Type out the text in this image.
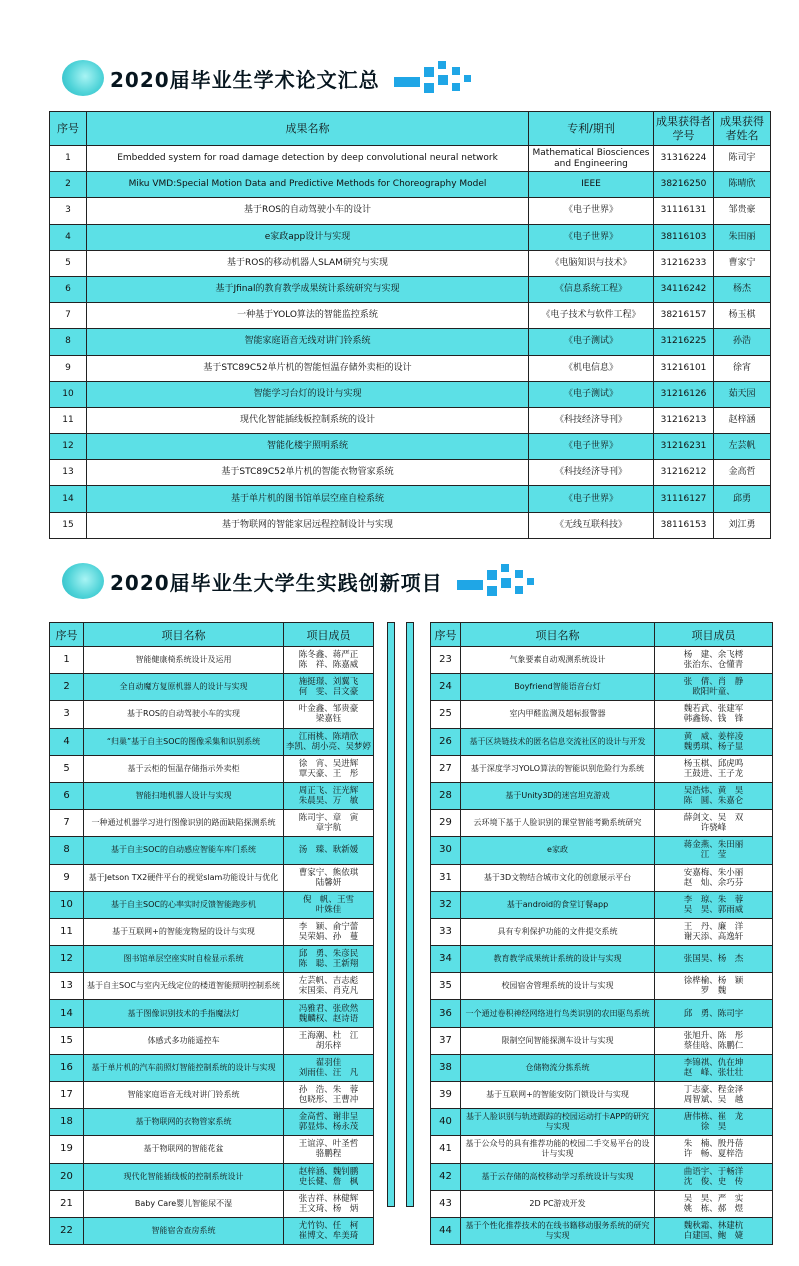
2020届毕业生学术论文汇总
序号	成果名称	专利/期刊	成果获得者学号	成果获得者姓名
1	Embedded system for road damage detection by deep convolutional neural network	Mathematical Biosciences and Engineering	31316224	陈司宇
2	Miku VMD:Special Motion Data and Predictive Methods for Choreography Model	IEEE	38216250	陈晴欣
3	基于ROS的自动驾驶小车的设计	《电子世界》	31116131	邹贵豪
4	e家政app设计与实现	《电子世界》	38116103	朱田丽
5	基于ROS的移动机器人SLAM研究与实现	《电脑知识与技术》	31216233	曹家宁
6	基于Jfinal的教育教学成果统计系统研究与实现	《信息系统工程》	34116242	杨杰
7	一种基于YOLO算法的智能监控系统	《电子技术与软件工程》	38216157	杨玉棋
8	智能家庭语音无线对讲门铃系统	《电子测试》	31216225	孙浩
9	基于STC89C52单片机的智能恒温存储外卖柜的设计	《机电信息》	31216101	徐宵
10	智能学习台灯的设计与实现	《电子测试》	31216126	茹天园
11	现代化智能插线板控制系统的设计	《科技经济导刊》	31216213	赵梓涵
12	智能化楼宇照明系统	《电子世界》	31216231	左芸帆
13	基于STC89C52单片机的智能衣物管家系统	《科技经济导刊》	31216212	金高哲
14	基于单片机的图书馆单层空座自检系统	《电子世界》	31116127	邱勇
15	基于物联网的智能家居远程控制设计与实现	《无线互联科技》	38116153	刘江勇
2020届毕业生大学生实践创新项目
序号	项目名称	项目成员
1	智能健康椅系统设计及运用	陈冬鑫、蒋严正
陈　祥、陈嘉威
2	全自动魔方复原机器人的设计与实现	施挺璟、刘翼飞
何　雯、吕文豪
3	基于ROS的自动驾驶小车的实现	叶金鑫、邹贵豪
梁嘉钰
4	“归巢”基于自主SOC的图像采集和识别系统	江雨桃、陈靖欣
李凯、胡小亮、吴梦婷
5	基于云柜的恒温存储指示外卖柜	徐　宵、吴进辉
覃天豪、王　彤
6	智能扫地机器人设计与实现	周正飞、汪光辉
朱晨昊、万　敏
7	一种通过机器学习进行图像识别的路面缺陷探测系统	陈司宇、章　寅
章宇航
8	基于自主SOC的自动感应智能车库门系统	汤　臻、耿新媛
9	基于Jetson TX2硬件平台的视觉slam功能设计与优化	曹家宁、熊依琪
陆馨妍
10	基于自主SOC的心率实时反馈智能跑步机	倪　帆、王雪
叶姝佳
11	基于互联网+的智能宠物屋的设计与实现	李　颖、俞宁蕾
吴荣娟、孙　蔓
12	图书馆单层空座实时自检显示系统	邱　勇、朱彦民
陈　聪、王新翔
13	基于自主SOC与室内无线定位的楼道智能照明控制系统	左芸帆、吉志彪
宋国栾、肖克凡
14	基于图像识别技术的手指魔法灯	冯雅君、张欣然
魏麟权、赵诗语
15	体感式多功能遥控车	王海潮、杜　江
胡乐梓
16	基于单片机的汽车前照灯智能控制系统的设计与实现	翟羽佳
刘雨佳、汪　凡
17	智能家庭语音无线对讲门铃系统	孙　浩、朱　蓉
包晓彤、王曹冲
18	基于物联网的衣物管家系统	金高哲、谢非呈
郭显炜、杨永茂
19	基于物联网的智能花盆	王谊淳、叶圣哲
骆鹏程
20	现代化智能插线板的控制系统设计	赵梓涵、魏钊鹏
史长健、詹　枫
21	Baby Care婴儿智能尿不湿	张吉祥、林健辉
王文琦、杨　炳
22	智能宿舍查房系统	尤竹钧、任　柯
崔博文、牟美琦
序号	项目名称	项目成员
23	气象要素自动观测系统设计	杨　建、余飞樗
张治东、仓懂青
24	Boyfriend智能语音台灯	张　倩、肖　静
欧阳叶童、
25	室内甲醛监测及超标报警器	魏若武、张建军
韩鑫钖、钱　锋
26	基于区块链技术的匿名信息交流社区的设计与开发	黄　威、姜梓凌
魏勇琪、杨子显
27	基于深度学习YOLO算法的智能识别危险行为系统	杨玉棋、邱虎鸣
王鼓进、王子龙
28	基于Unity3D的迷宫坦克游戏	吴浩炜、黄　昊
陈　圆、朱嘉仑
29	云环境下基于人脸识别的课堂智能考勤系统研究	薛剑文、吴　双
许骁峰
30	e家政	蒋金燕、朱田丽
江　莹
31	基于3D文物结合城市文化的创意展示平台	安嘉梅、朱小丽
赵　灿、余巧芬
32	基于android的食堂订餐app	李　琼、朱　蓉
吴　昊、郭雨威
33	具有专利保护功能的文件提交系统	王　丹、廉　洋
谢天添、高逸轩
34	教育教学成果统计系统的设计与实现	张国昊、杨　杰
35	校园宿舍管理系统的设计与实现	徐桦榆、杨　颖
罗　魏
36	一个通过卷积神经网络进行鸟类识别的农田驱鸟系统	邱　勇、陈司宇
37	限制空间智能探测车设计与实现	张旭升、陈　彤
蔡佳晗、陈鹏仁
38	仓储物流分拣系统	李锦祺、仇在坤
赵　峰、张壮壮
39	基于互联网+的智能安防门锁设计与实现	丁志豪、程金泽
周智斌、吴　越
40	基于人脸识别与轨迹跟踪的校园运动打卡APP的研究与实现	唐伟栋、崔　龙
徐　昊
41	基于公众号的具有推荐功能的校园二手交易平台的设计与实现	朱　楠、殷丹蓓
许　畅、夏梓浩
42	基于云存储的高校移动学习系统设计与实现	曲语宇、于畅洋
沈　俊、史　传
43	2D PC游戏开发	吴　昊、严　实
姚　栋、郝　煜
44	基于个性化推荐技术的在线书籍移动服务系统的研究与实现	魏秋霜、林建杭
白建国、鲍　婕
